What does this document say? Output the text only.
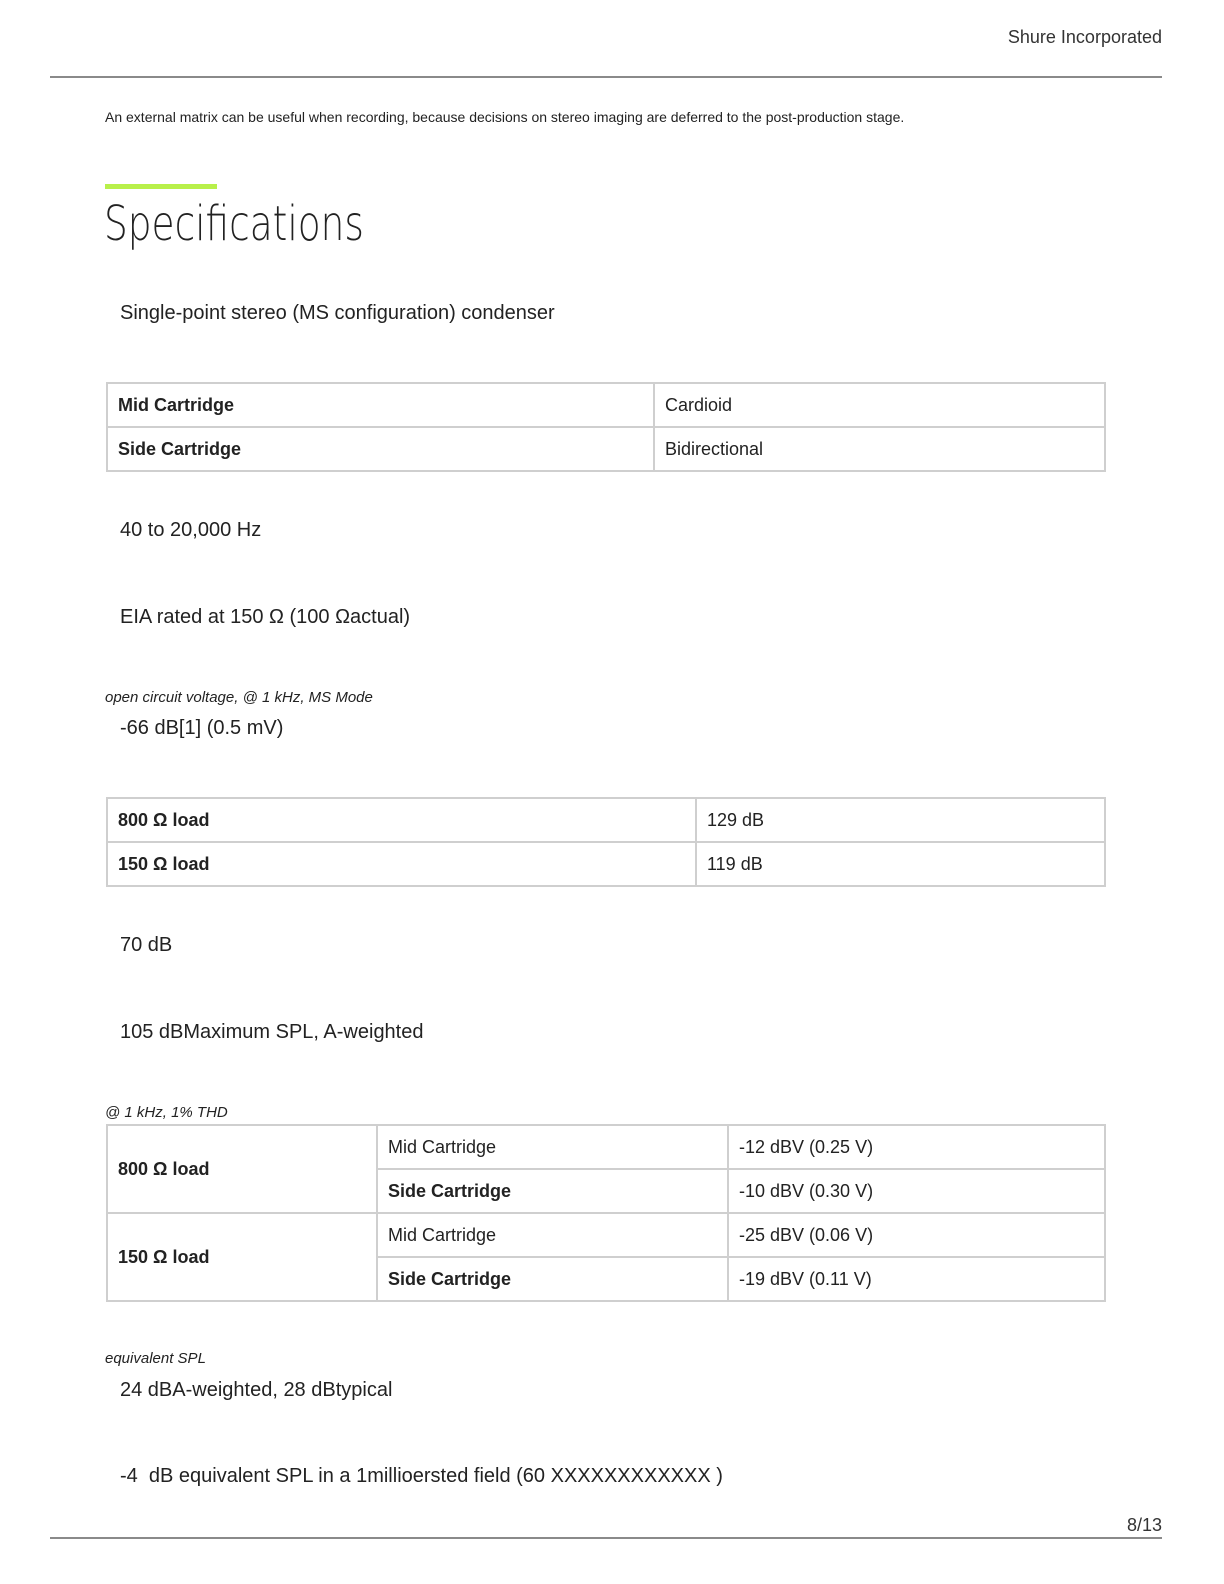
Shure Incorporated
An external matrix can be useful when recording, because decisions on stereo imaging are deferred to the post-production stage.
Specifications
Single-point stereo (MS configuration) condenser
Mid Cartridge	Cardioid
Side Cartridge	Bidirectional
40 to 20,000 Hz
EIA rated at 150 Ω (100 Ωactual)
open circuit voltage, @ 1 kHz, MS Mode
-66 dB[1] (0.5 mV)
800 Ω load	129 dB
150 Ω load	119 dB
70 dB
105 dBMaximum SPL, A-weighted
@ 1 kHz, 1% THD
800 Ω load	Mid Cartridge	-12 dBV (0.25 V)
	Side Cartridge	-10 dBV (0.30 V)
150 Ω load	Mid Cartridge	-25 dBV (0.06 V)
	Side Cartridge	-19 dBV (0.11 V)
equivalent SPL
24 dBA-weighted, 28 dBtypical
-4  dB equivalent SPL in a 1millioersted field (60 XXXXXXXXXXXX )
8/13
